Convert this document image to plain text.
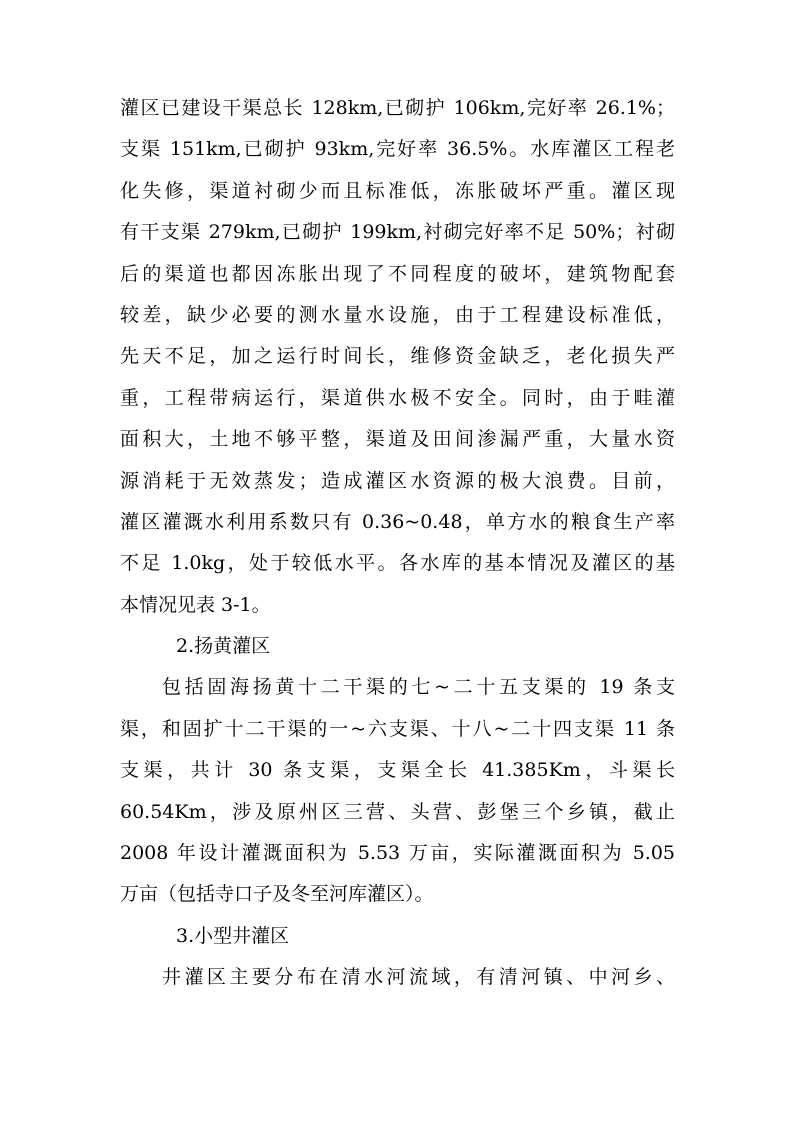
灌区已建设干渠总长 128km,已砌护 106km,完好率 26.1%；
支渠 151km,已砌护 93km,完好率 36.5%。水库灌区工程老
化失修，渠道衬砌少而且标准低，冻胀破坏严重。灌区现
有干支渠 279km,已砌护 199km,衬砌完好率不足 50%；衬砌
后的渠道也都因冻胀出现了不同程度的破坏，建筑物配套
较差，缺少必要的测水量水设施，由于工程建设标准低，
先天不足，加之运行时间长，维修资金缺乏，老化损失严
重，工程带病运行，渠道供水极不安全。同时，由于畦灌
面积大，土地不够平整，渠道及田间渗漏严重，大量水资
源消耗于无效蒸发；造成灌区水资源的极大浪费。目前，
灌区灌溉水利用系数只有 0.36~0.48，单方水的粮食生产率
不足 1.0kg，处于较低水平。各水库的基本情况及灌区的基
本情况见表 3-1。
2.扬黄灌区
包括固海扬黄十二干渠的七~二十五支渠的 19 条支
渠，和固扩十二干渠的一~六支渠、十八~二十四支渠 11 条
支渠，共计 30 条支渠，支渠全长 41.385Km，斗渠长
60.54Km，涉及原州区三营、头营、彭堡三个乡镇，截止
2008 年设计灌溉面积为 5.53 万亩，实际灌溉面积为 5.05
万亩（包括寺口子及冬至河库灌区）。
3.小型井灌区
井灌区主要分布在清水河流域，有清河镇、中河乡、
